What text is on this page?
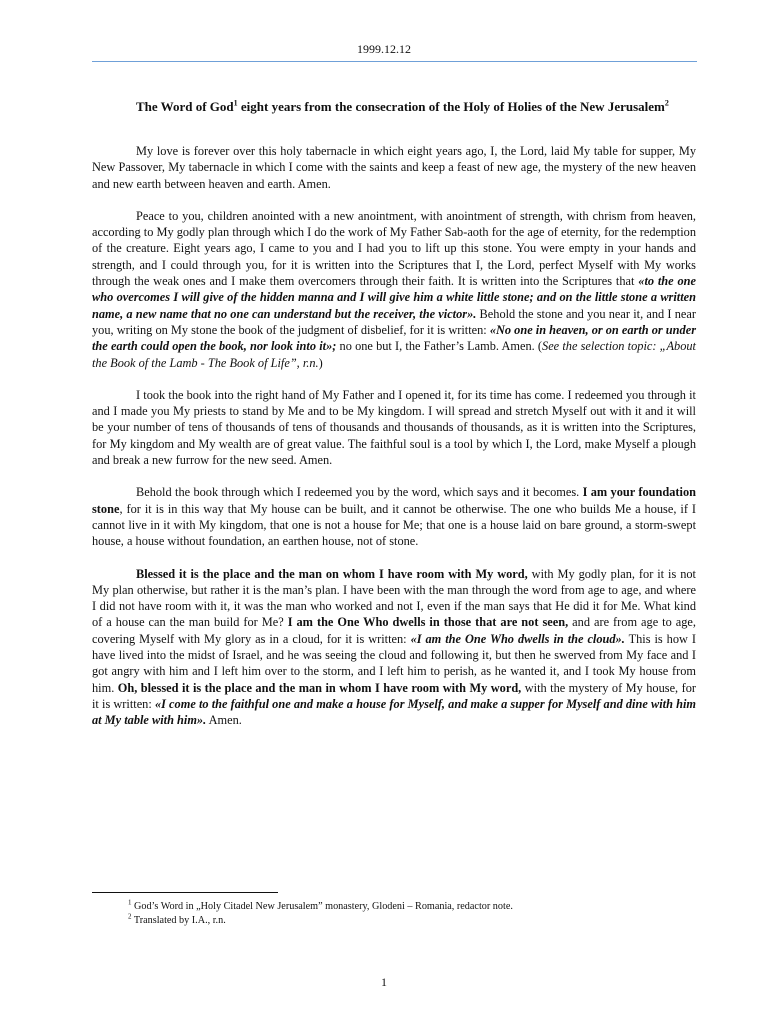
1999.12.12

The Word of God$^1$ eight years from the consecration of the Holy of Holies of the New Jerusalem$^2$

My love is forever over this holy tabernacle in which eight years ago, I, the Lord, laid My table for supper, My New Passover, My tabernacle in which I come with the saints and keep a feast of new age, the mystery of the new heaven and new earth between heaven and earth. Amen.

Peace to you, children anointed with a new anointment, with anointment of strength, with chrism from heaven, according to My godly plan through which I do the work of My Father Sab-aoth for the age of eternity, for the redemption of the creature. Eight years ago, I came to you and I had you to lift up this stone. You were empty in your hands and strength, and I could through you, for it is written into the Scriptures that I, the Lord, perfect Myself with My works through the weak ones and I make them overcomers through their faith. It is written into the Scriptures that «to the one who overcomes I will give of the hidden manna and I will give him a white little stone; and on the little stone a written name, a new name that no one can understand but the receiver, the victor». Behold the stone and you near it, and I near you, writing on My stone the book of the judgment of disbelief, for it is written: «No one in heaven, or on earth or under the earth could open the book, nor look into it»; no one but I, the Father’s Lamb. Amen. (See the selection topic: „About the Book of the Lamb - The Book of Life”, r.n.)

I took the book into the right hand of My Father and I opened it, for its time has come. I redeemed you through it and I made you My priests to stand by Me and to be My kingdom. I will spread and stretch Myself out with it and it will be your number of tens of thousands of tens of thousands and thousands of thousands, as it is written into the Scriptures, for My kingdom and My wealth are of great value. The faithful soul is a tool by which I, the Lord, make Myself a plough and break a new furrow for the new seed. Amen.

Behold the book through which I redeemed you by the word, which says and it becomes. I am your foundation stone, for it is in this way that My house can be built, and it cannot be otherwise. The one who builds Me a house, if I cannot live in it with My kingdom, that one is not a house for Me; that one is a house laid on bare ground, a storm-swept house, a house without foundation, an earthen house, not of stone.

Blessed it is the place and the man on whom I have room with My word, with My godly plan, for it is not My plan otherwise, but rather it is the man’s plan. I have been with the man through the word from age to age, and where I did not have room with it, it was the man who worked and not I, even if the man says that He did it for Me. What kind of a house can the man build for Me? I am the One Who dwells in those that are not seen, and are from age to age, covering Myself with My glory as in a cloud, for it is written: «I am the One Who dwells in the cloud». This is how I have lived into the midst of Israel, and he was seeing the cloud and following it, but then he swerved from My face and I got angry with him and I left him over to the storm, and I left him to perish, as he wanted it, and I took My house from him. Oh, blessed it is the place and the man in whom I have room with My word, with the mystery of My house, for it is written: «I come to the faithful one and make a house for Myself, and make a supper for Myself and dine with him at My table with him». Amen.

$^1$ God’s Word in „Holy Citadel New Jerusalem” monastery, Glodeni – Romania, redactor note.
$^2$ Translated by I.A., r.n.
1
